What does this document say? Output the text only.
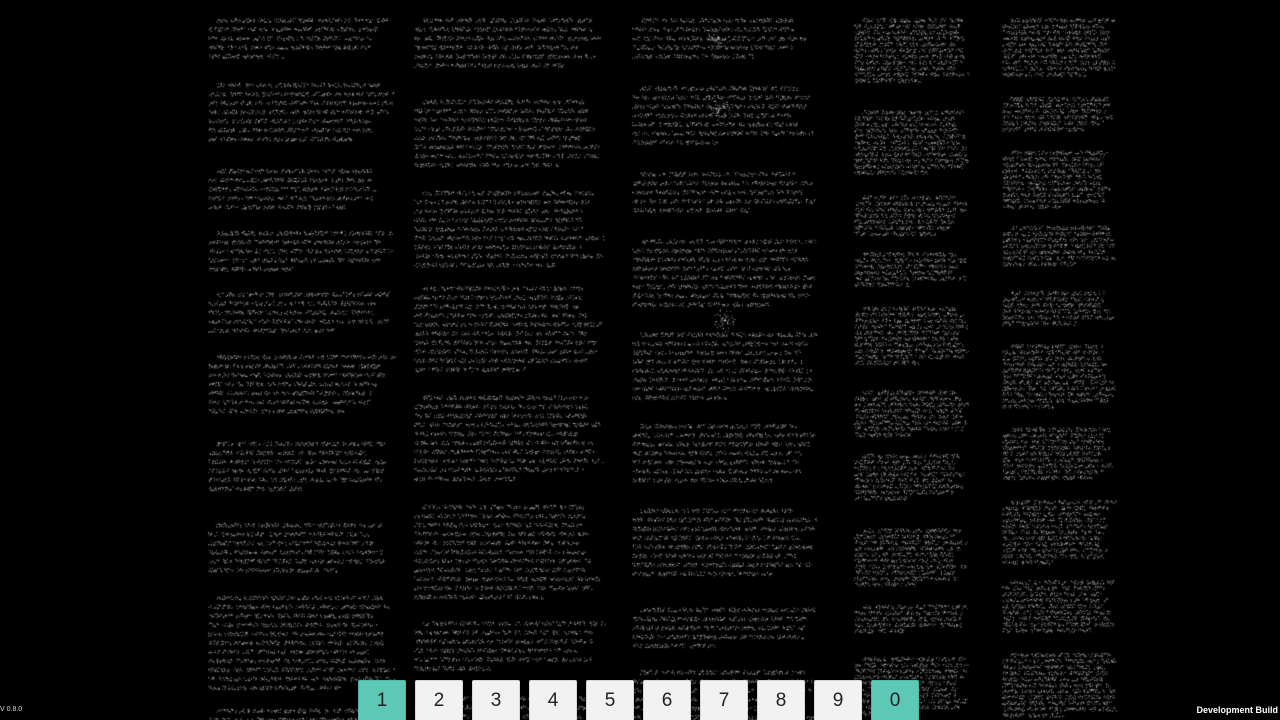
1	2	3	4	5	6	7	8	9	0
V 0.8.0	Development Build
